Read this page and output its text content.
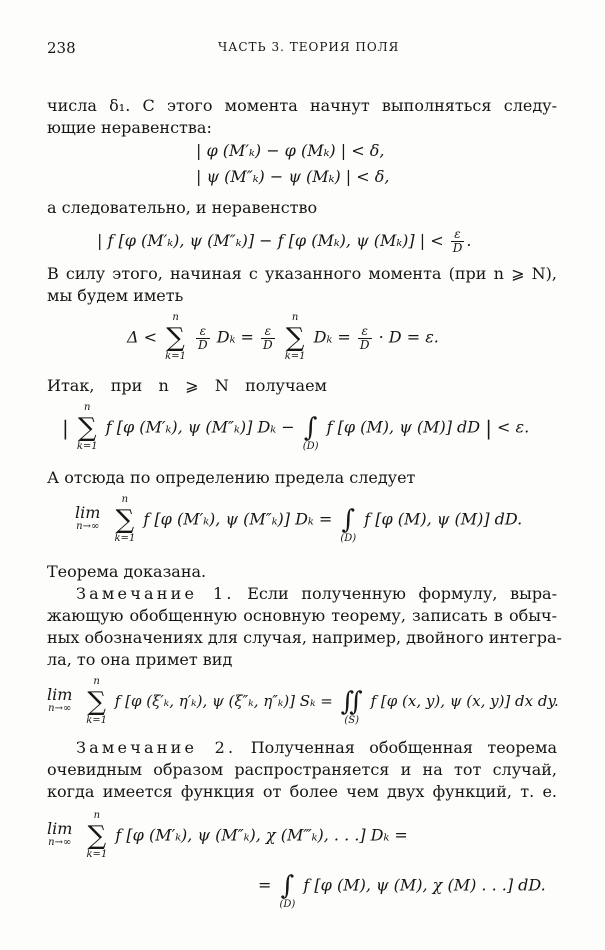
238	ЧАСТЬ 3. ТЕОРИЯ ПОЛЯ
числа δ₁. С этого момента начнут выполняться следу-
ющие неравенства:
| φ (M′ₖ) − φ (Mₖ) | < δ,
| ψ (M″ₖ) − ψ (Mₖ) | < δ,
а следовательно, и неравенство
| f [φ (M′ₖ), ψ (M″ₖ)] − f [φ (Mₖ), ψ (Mₖ)] | < $\frac{\varepsilon}{D}$ .
В силу этого, начиная с указанного момента (при n ⩾ N),
мы будем иметь
Δ <
n
∑
k=1

$\frac{\varepsilon}{D}$ $D_k = \frac{\varepsilon}{D}$

n
∑
k=1
$D_k = \frac{\varepsilon}{D} \cdot D = \varepsilon$.
Итак, при n ⩾ N получаем
|
n
∑
k=1
f [φ (M′ₖ), ψ (M″ₖ)] Dₖ − ∫
(D)
f [φ (M), ψ (M)] dD | < ε.
А отсюда по определению предела следует
lim
n→∞

n
∑
k=1
f [φ (M′ₖ), ψ (M″ₖ)] Dₖ = ∫
(D)
f [φ (M), ψ (M)] dD.
Теорема доказана.
Замечание 1. Если полученную формулу, выра-
жающую обобщенную основную теорему, записать в обыч-
ных обозначениях для случая, например, двойного интегра-
ла, то она примет вид
lim
n→∞

n
∑
k=1
f [φ (ξ′ₖ, η′ₖ), ψ (ξ″ₖ, η″ₖ)] Sₖ = ∬
(S)
f [φ (x, y), ψ (x, y)] dx dy.
Замечание 2. Полученная обобщенная теорема
очевидным образом распространяется и на тот случай,
когда имеется функция от более чем двух функций, т. е.
lim
n→∞

n
∑
k=1
f [φ (M′ₖ), ψ (M″ₖ), χ (M‴ₖ), . . .] Dₖ =
= ∫
(D)
f [φ (M), ψ (M), χ (M) . . .] dD.
